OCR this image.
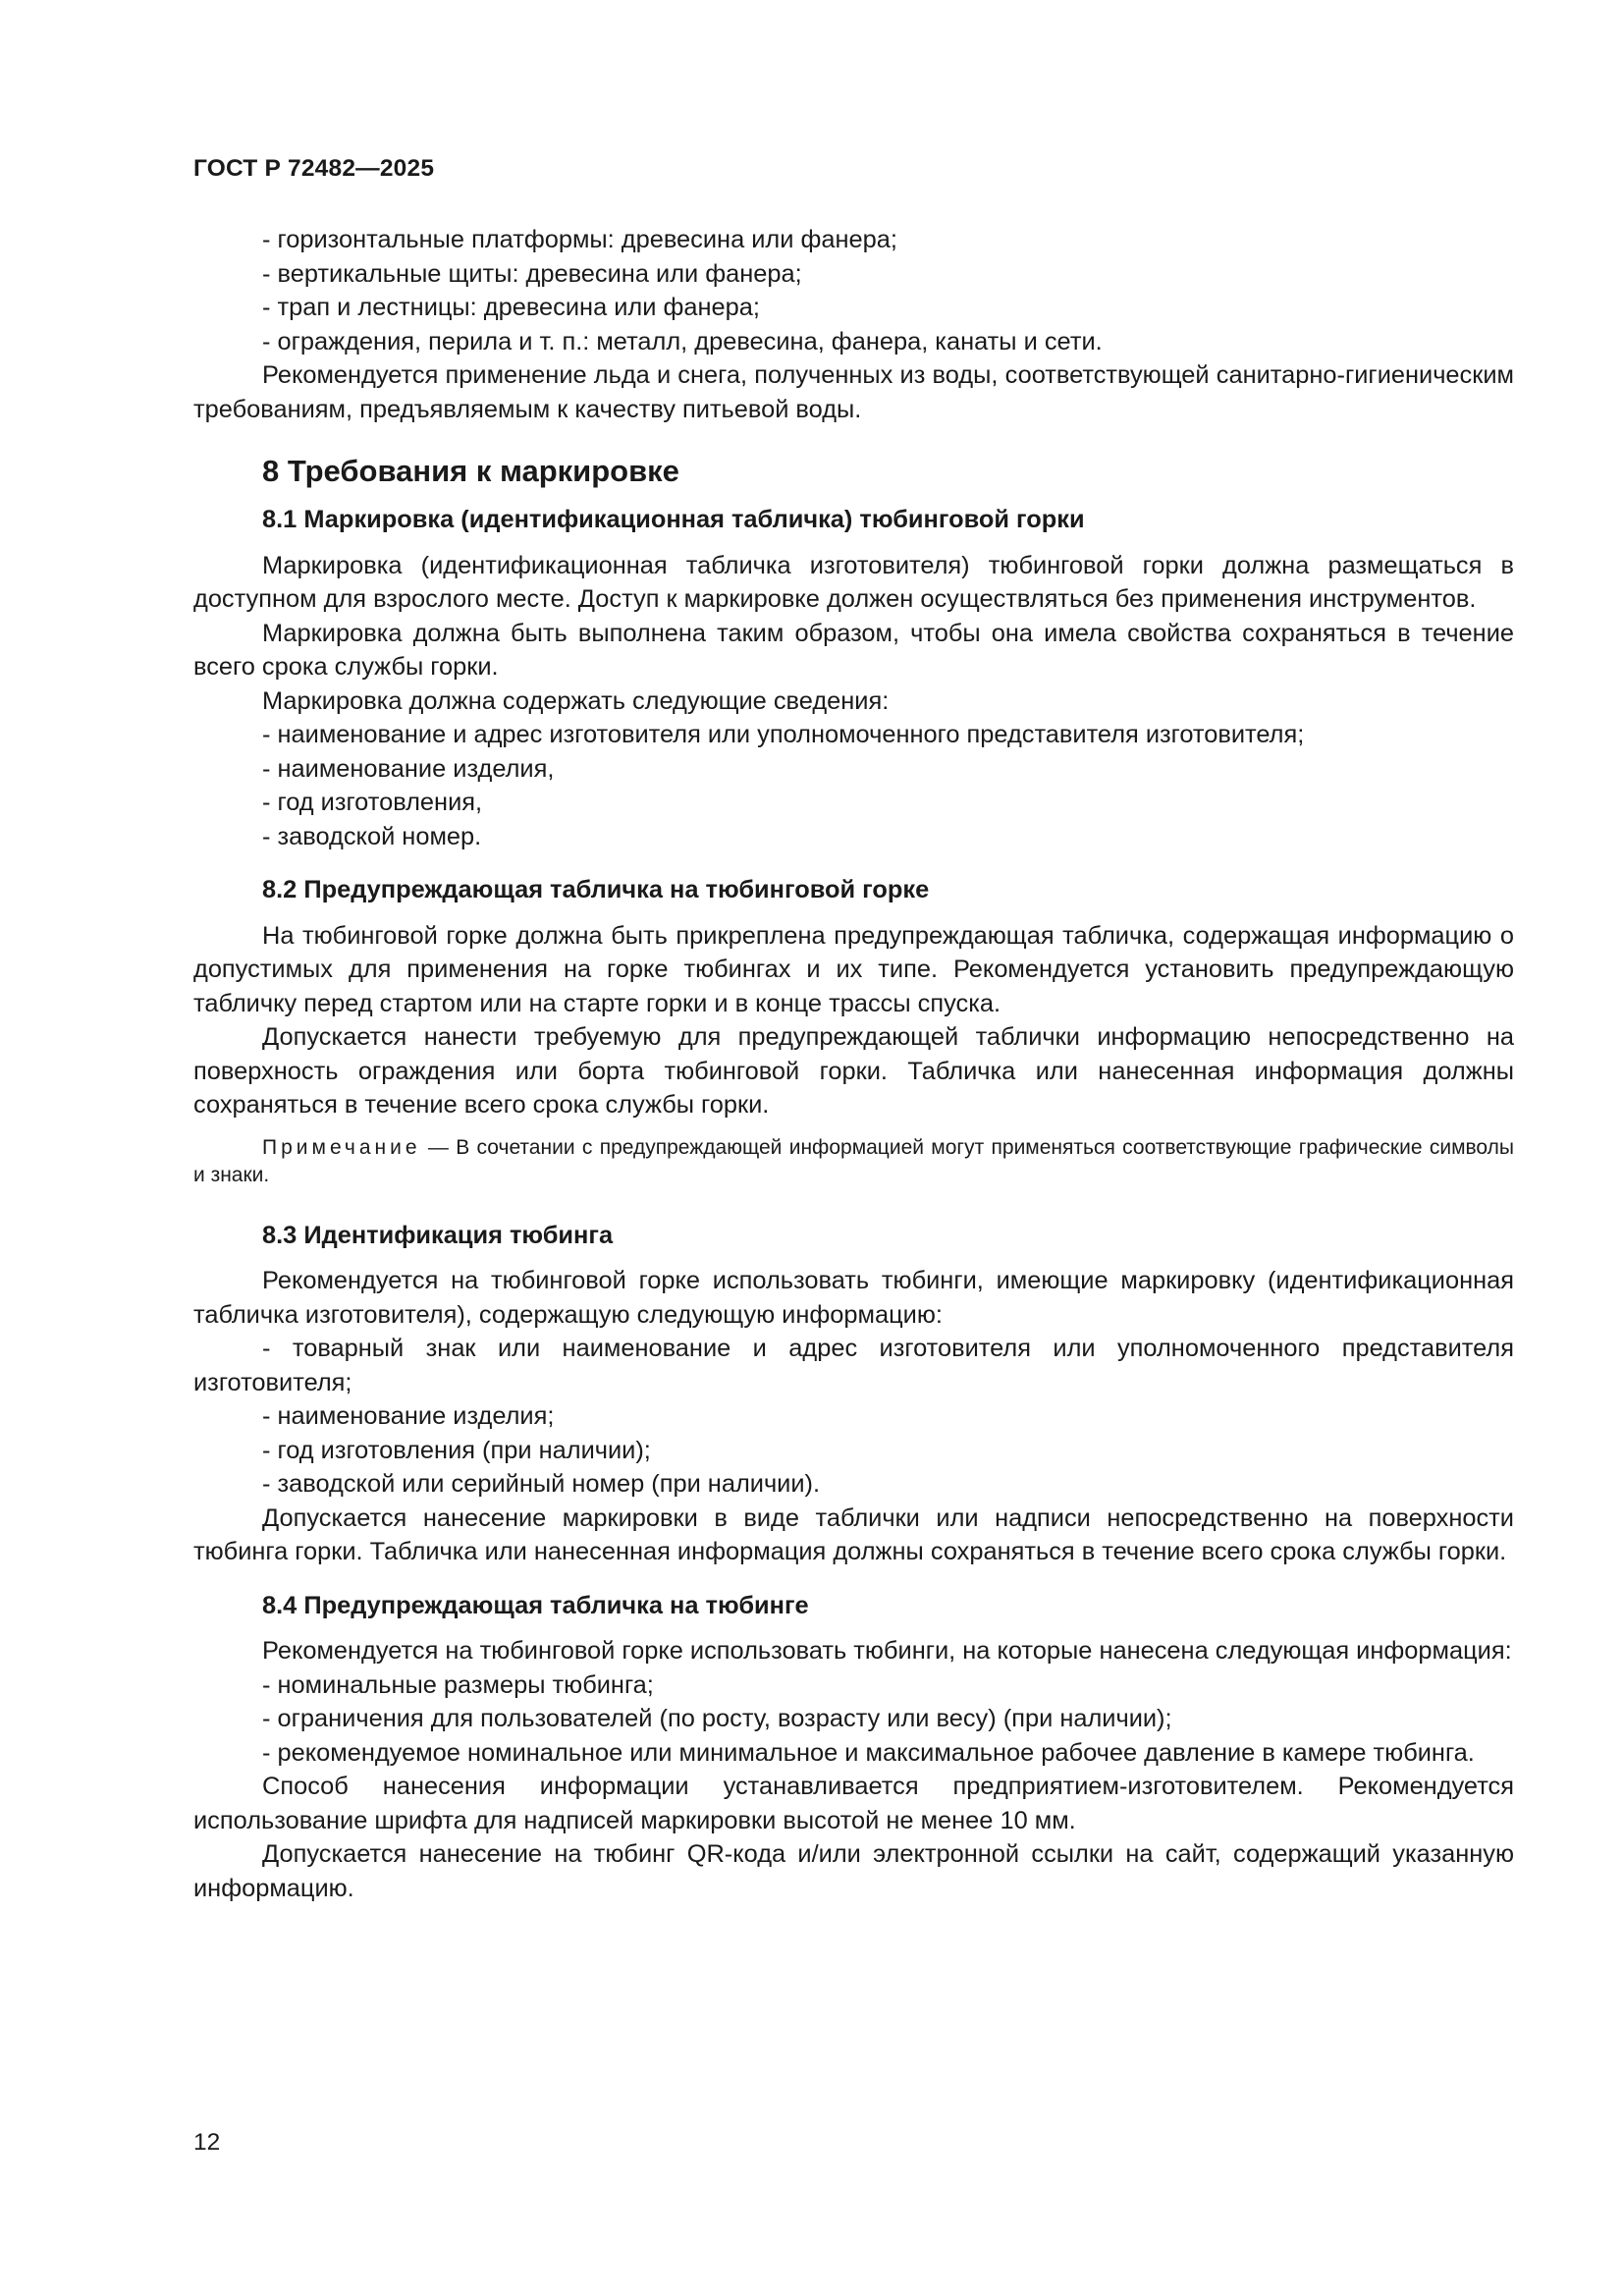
ГОСТ Р 72482—2025

- горизонтальные платформы: древесина или фанера;

- вертикальные щиты: древесина или фанера;

- трап и лестницы: древесина или фанера;

- ограждения, перила и т. п.: металл, древесина, фанера, канаты и сети.

Рекомендуется применение льда и снега, полученных из воды, соответствующей санитарно-гигиеническим требованиям, предъявляемым к качеству питьевой воды.

8 Требования к маркировке
8.1 Маркировка (идентификационная табличка) тюбинговой горки

Маркировка (идентификационная табличка изготовителя) тюбинговой горки должна размещаться в доступном для взрослого месте. Доступ к маркировке должен осуществляться без применения инструментов.

Маркировка должна быть выполнена таким образом, чтобы она имела свойства сохраняться в течение всего срока службы горки.

Маркировка должна содержать следующие сведения:

- наименование и адрес изготовителя или уполномоченного представителя изготовителя;

- наименование изделия,

- год изготовления,

- заводской номер.

8.2 Предупреждающая табличка на тюбинговой горке

На тюбинговой горке должна быть прикреплена предупреждающая табличка, содержащая информацию о допустимых для применения на горке тюбингах и их типе. Рекомендуется установить предупреждающую табличку перед стартом или на старте горки и в конце трассы спуска.

Допускается нанести требуемую для предупреждающей таблички информацию непосредственно на поверхность ограждения или борта тюбинговой горки. Табличка или нанесенная информация должны сохраняться в течение всего срока службы горки.

Примечание — В сочетании с предупреждающей информацией могут применяться соответствующие графические символы и знаки.

8.3 Идентификация тюбинга

Рекомендуется на тюбинговой горке использовать тюбинги, имеющие маркировку (идентификационная табличка изготовителя), содержащую следующую информацию:

- товарный знак или наименование и адрес изготовителя или уполномоченного представителя изготовителя;

- наименование изделия;

- год изготовления (при наличии);

- заводской или серийный номер (при наличии).

Допускается нанесение маркировки в виде таблички или надписи непосредственно на поверхности тюбинга горки. Табличка или нанесенная информация должны сохраняться в течение всего срока службы горки.

8.4 Предупреждающая табличка на тюбинге

Рекомендуется на тюбинговой горке использовать тюбинги, на которые нанесена следующая информация:

- номинальные размеры тюбинга;

- ограничения для пользователей (по росту, возрасту или весу) (при наличии);

- рекомендуемое номинальное или минимальное и максимальное рабочее давление в камере тюбинга.

Способ нанесения информации устанавливается предприятием-изготовителем. Рекомендуется использование шрифта для надписей маркировки высотой не менее 10 мм.

Допускается нанесение на тюбинг QR-кода и/или электронной ссылки на сайт, содержащий указанную информацию.

12
